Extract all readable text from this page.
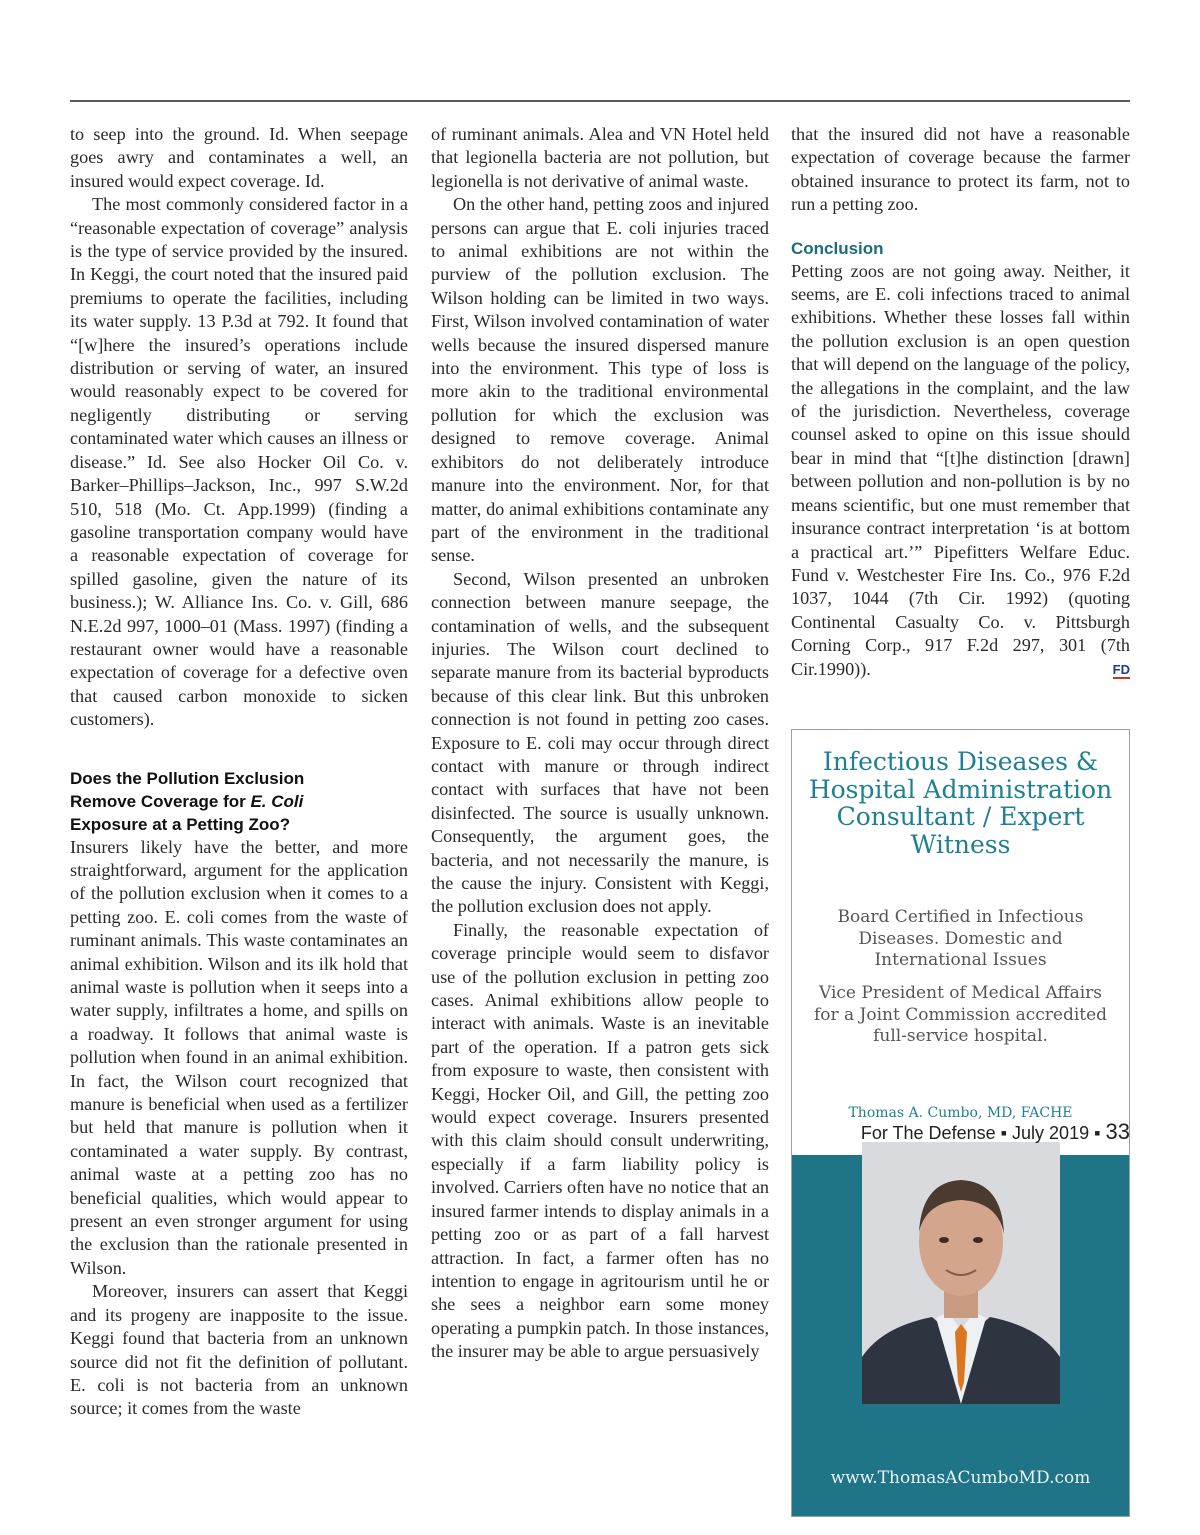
to seep into the ground. Id. When seepage goes awry and contaminates a well, an insured would expect coverage. Id.

The most commonly considered factor in a “reasonable expectation of coverage” analysis is the type of service provided by the insured. In Keggi, the court noted that the insured paid premiums to operate the facilities, including its water supply. 13 P.3d at 792. It found that “[w]here the insured’s operations include distribution or serving of water, an insured would reasonably expect to be covered for negligently distributing or serving contaminated water which causes an illness or disease.” Id. See also Hocker Oil Co. v. Barker–Phillips–Jackson, Inc., 997 S.W.2d 510, 518 (Mo. Ct. App.1999) (finding a gasoline transportation company would have a reasonable expectation of coverage for spilled gasoline, given the nature of its business.); W. Alliance Ins. Co. v. Gill, 686 N.E.2d 997, 1000–01 (Mass. 1997) (finding a restaurant owner would have a reasonable expectation of coverage for a defective oven that caused carbon monoxide to sicken customers).

Does the Pollution Exclusion
Remove Coverage for E. Coli
Exposure at a Petting Zoo?

Insurers likely have the better, and more straightforward, argument for the application of the pollution exclusion when it comes to a petting zoo. E. coli comes from the waste of ruminant animals. This waste contaminates an animal exhibition. Wilson and its ilk hold that animal waste is pollution when it seeps into a water supply, infiltrates a home, and spills on a roadway. It follows that animal waste is pollution when found in an animal exhibition. In fact, the Wilson court recognized that manure is beneficial when used as a fertilizer but held that manure is pollution when it contaminated a water supply. By contrast, animal waste at a petting zoo has no beneficial qualities, which would appear to present an even stronger argument for using the exclusion than the rationale presented in Wilson.

Moreover, insurers can assert that Keggi and its progeny are inapposite to the issue. Keggi found that bacteria from an unknown source did not fit the definition of pollutant. E. coli is not bacteria from an unknown source; it comes from the waste

of ruminant animals. Alea and VN Hotel held that legionella bacteria are not pollution, but legionella is not derivative of animal waste.

On the other hand, petting zoos and injured persons can argue that E. coli injuries traced to animal exhibitions are not within the purview of the pollution exclusion. The Wilson holding can be limited in two ways. First, Wilson involved contamination of water wells because the insured dispersed manure into the environment. This type of loss is more akin to the traditional environmental pollution for which the exclusion was designed to remove coverage. Animal exhibitors do not deliberately introduce manure into the environment. Nor, for that matter, do animal exhibitions contaminate any part of the environment in the traditional sense.

Second, Wilson presented an unbroken connection between manure seepage, the contamination of wells, and the subsequent injuries. The Wilson court declined to separate manure from its bacterial byproducts because of this clear link. But this unbroken connection is not found in petting zoo cases. Exposure to E. coli may occur through direct contact with manure or through indirect contact with surfaces that have not been disinfected. The source is usually unknown. Consequently, the argument goes, the bacteria, and not necessarily the manure, is the cause the injury. Consistent with Keggi, the pollution exclusion does not apply.

Finally, the reasonable expectation of coverage principle would seem to disfavor use of the pollution exclusion in petting zoo cases. Animal exhibitions allow people to interact with animals. Waste is an inevitable part of the operation. If a patron gets sick from exposure to waste, then consistent with Keggi, Hocker Oil, and Gill, the petting zoo would expect coverage. Insurers presented with this claim should consult underwriting, especially if a farm liability policy is involved. Carriers often have no notice that an insured farmer intends to display animals in a petting zoo or as part of a fall harvest attraction. In fact, a farmer often has no intention to engage in agritourism until he or she sees a neighbor earn some money operating a pumpkin patch. In those instances, the insurer may be able to argue persuasively

that the insured did not have a reasonable expectation of coverage because the farmer obtained insurance to protect its farm, not to run a petting zoo.

Conclusion

Petting zoos are not going away. Neither, it seems, are E. coli infections traced to animal exhibitions. Whether these losses fall within the pollution exclusion is an open question that will depend on the language of the policy, the allegations in the complaint, and the law of the jurisdiction. Nevertheless, coverage counsel asked to opine on this issue should bear in mind that “[t]he distinction [drawn] between pollution and non-pollution is by no means scientific, but one must remember that insurance contract interpretation ‘is at bottom a practical art.’” Pipefitters Welfare Educ. Fund v. Westchester Fire Ins. Co., 976 F.2d 1037, 1044 (7th Cir. 1992) (quoting Continental Casualty Co. v. Pittsburgh Corning Corp., 917 F.2d 297, 301 (7th Cir.1990)).	FD

Infectious Diseases & Hospital Administration Consultant / Expert Witness
Board Certified in Infectious Diseases. Domestic and International Issues
Vice President of Medical Affairs for a Joint Commission accredited full-service hospital.
Thomas A. Cumbo, MD, FACHE
www.ThomasACumboMD.com
For The Defense ▪ July 2019 ▪ 33
